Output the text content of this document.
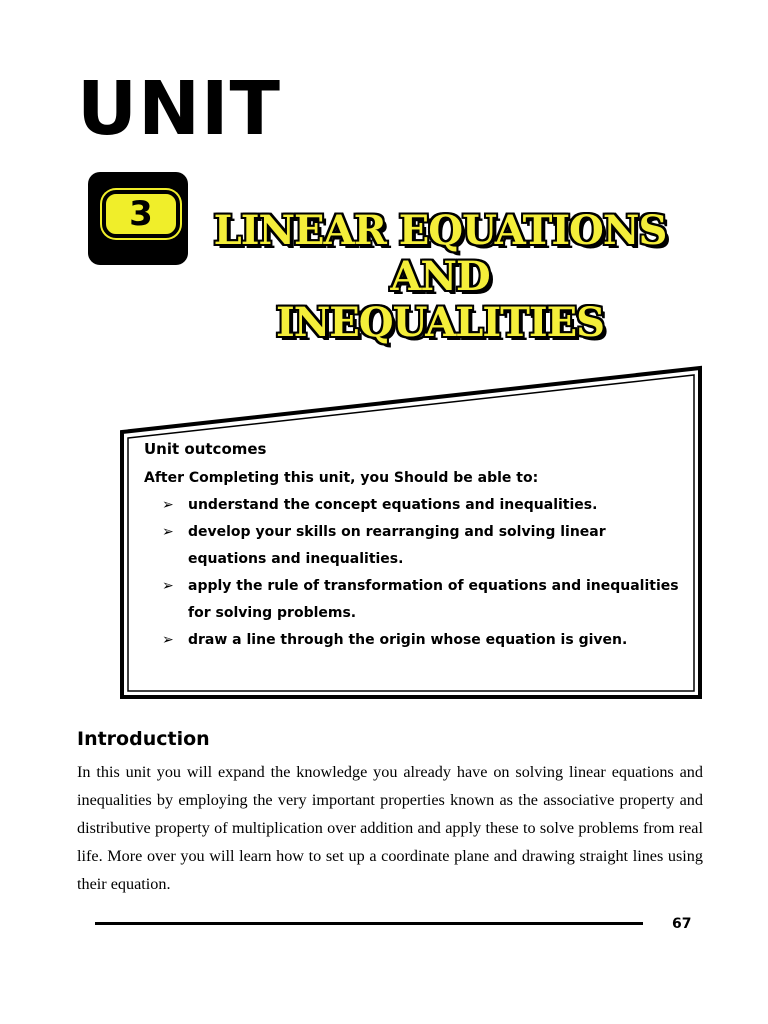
UNIT
3	LINEAR EQUATIONS
AND
INEQUALITIES
Unit outcomes
After Completing this unit, you Should be able to:
➢ understand the concept equations and inequalities.
➢ develop your skills on rearranging and solving linear equations and inequalities.
➢ apply the rule of transformation of equations and inequalities for solving problems.
➢ draw a line through the origin whose equation is given.
Introduction
In this unit you will expand the knowledge you already have on solving linear equations and inequalities by employing the very important properties known as the associative property and distributive property of multiplication over addition and apply these to solve problems from real life. More over you will learn how to set up a coordinate plane and drawing straight lines using their equation.
67
